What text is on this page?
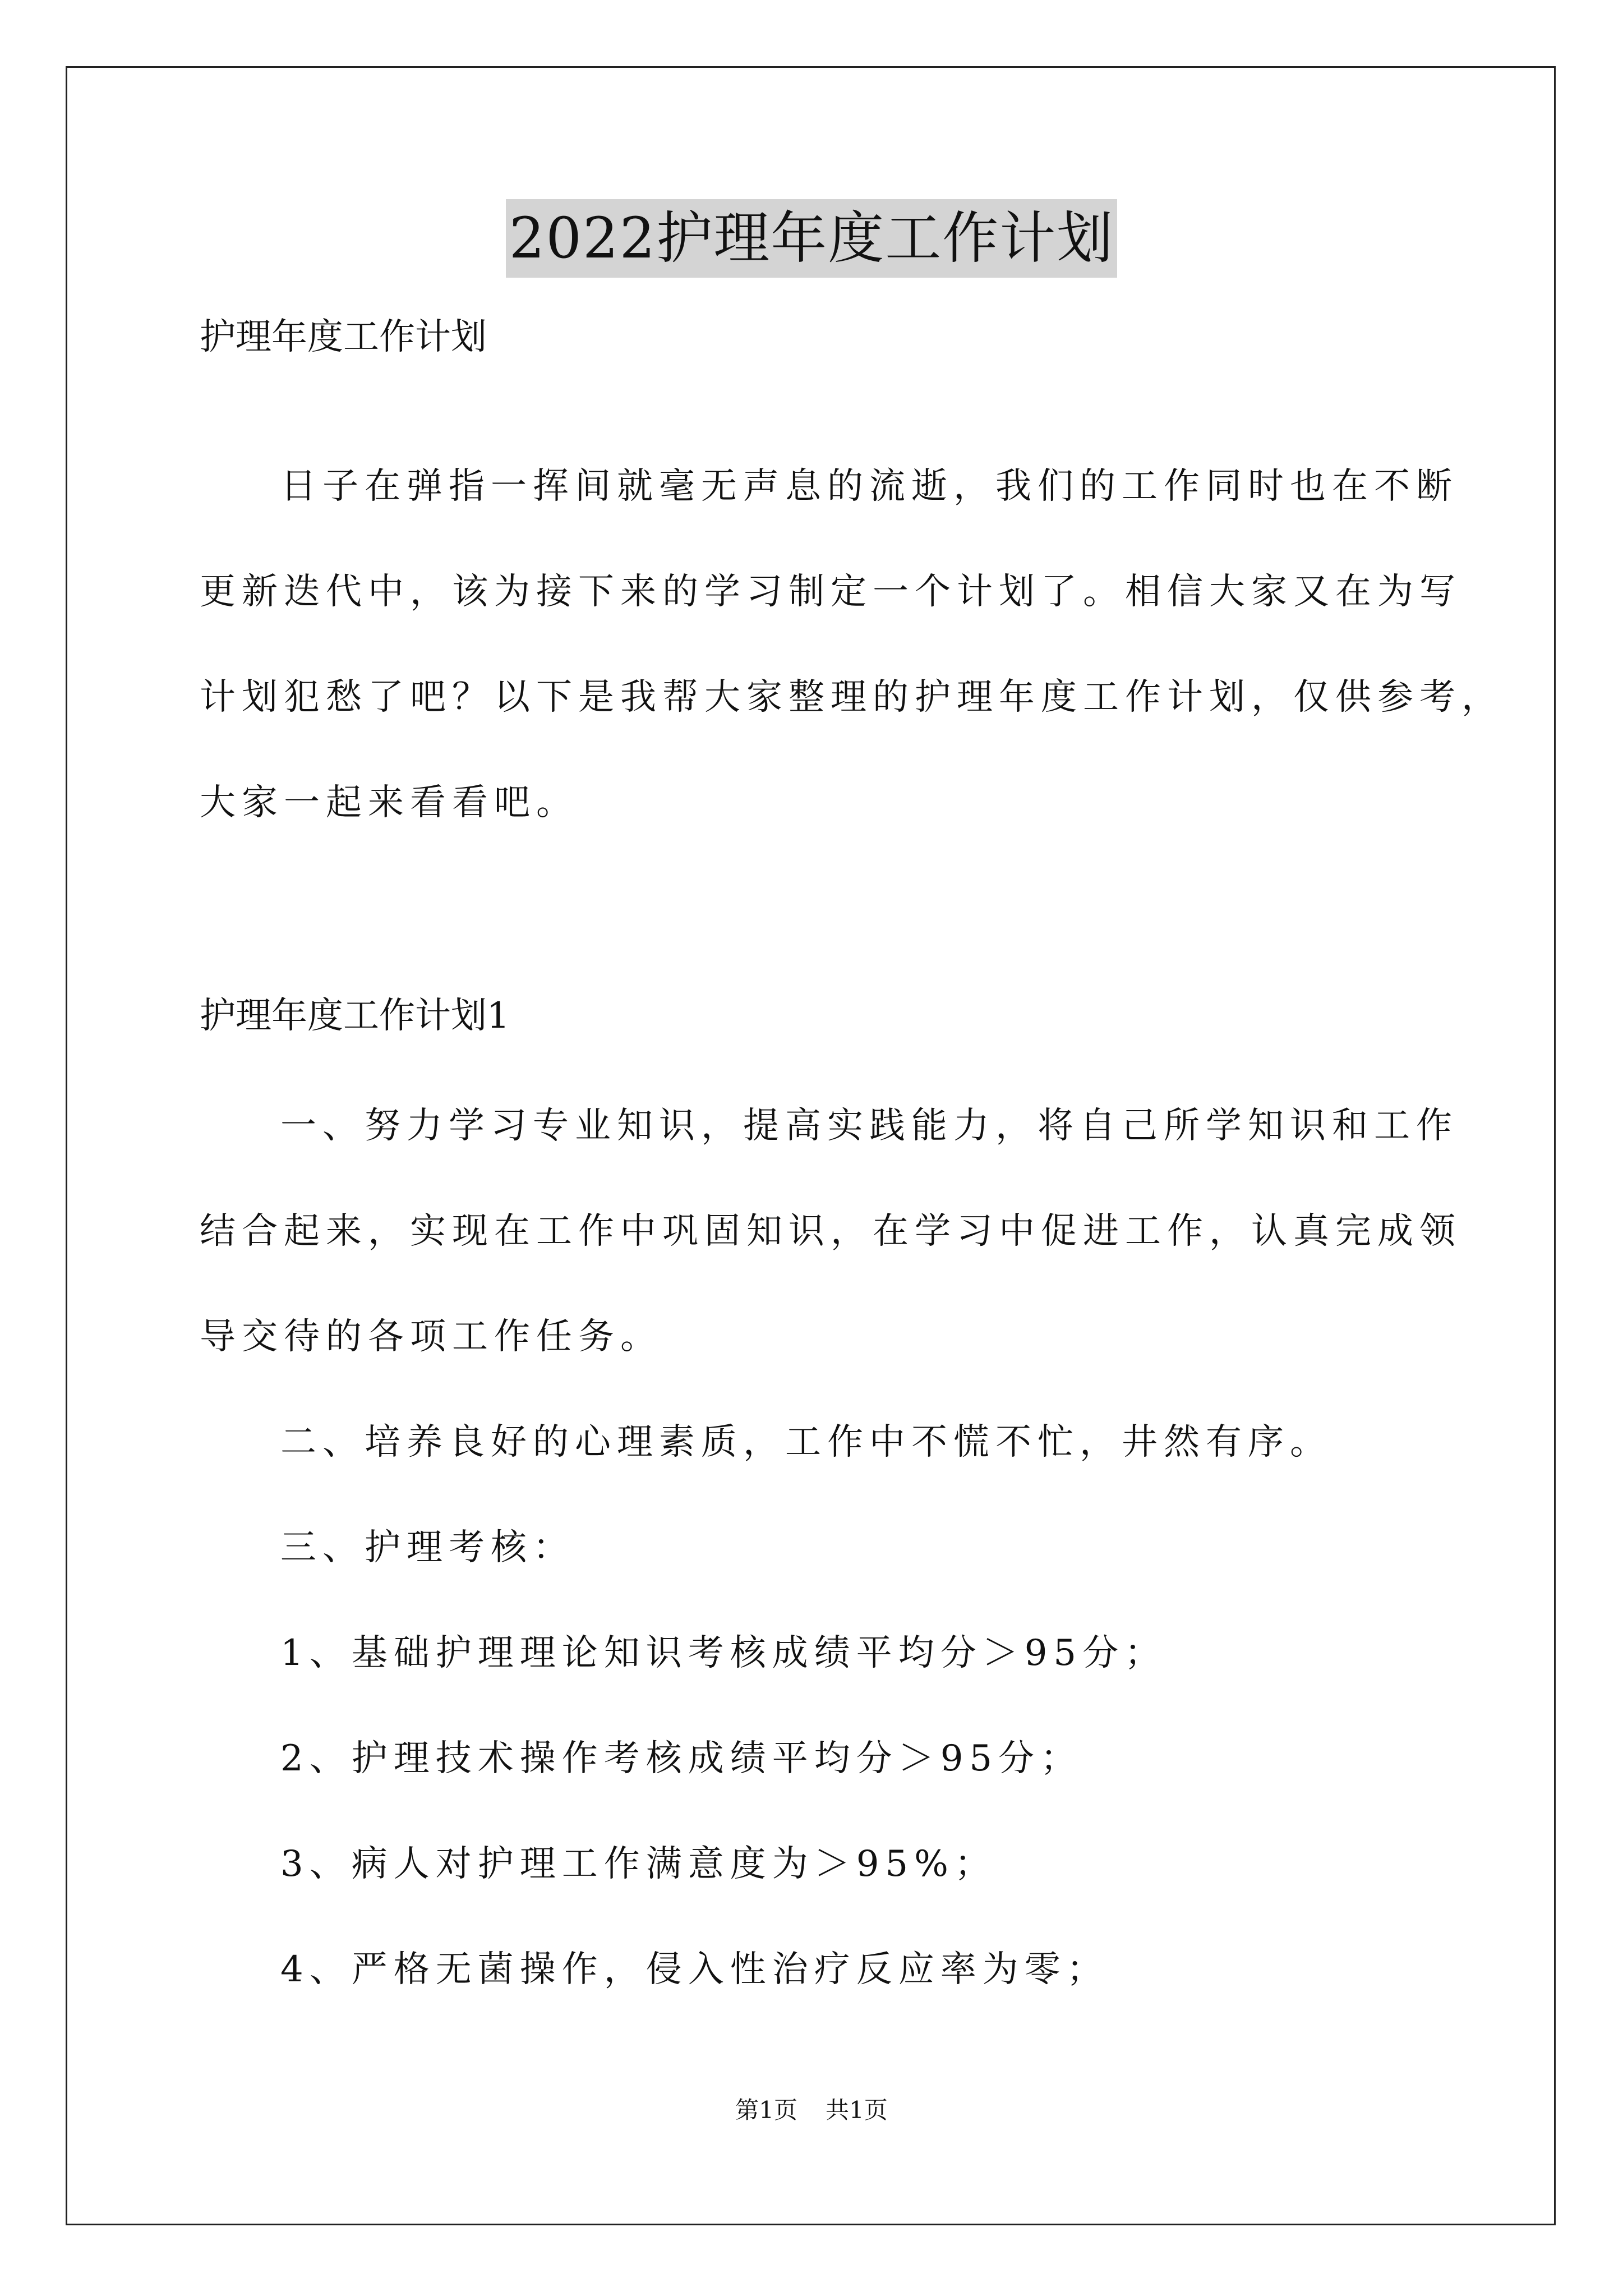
2022护理年度工作计划
护理年度工作计划
日子在弹指一挥间就毫无声息的流逝，我们的工作同时也在不断
更新迭代中，该为接下来的学习制定一个计划了。相信大家又在为写
计划犯愁了吧？以下是我帮大家整理的护理年度工作计划，仅供参考，
大家一起来看看吧。
护理年度工作计划1
一、努力学习专业知识，提高实践能力，将自己所学知识和工作
结合起来，实现在工作中巩固知识，在学习中促进工作，认真完成领
导交待的各项工作任务。
二、培养良好的心理素质，工作中不慌不忙，井然有序。
三、护理考核：
1、基础护理理论知识考核成绩平均分＞95分；
2、护理技术操作考核成绩平均分＞95分；
3、病人对护理工作满意度为＞95%；
4、严格无菌操作，侵入性治疗反应率为零；
第1页 共1页
